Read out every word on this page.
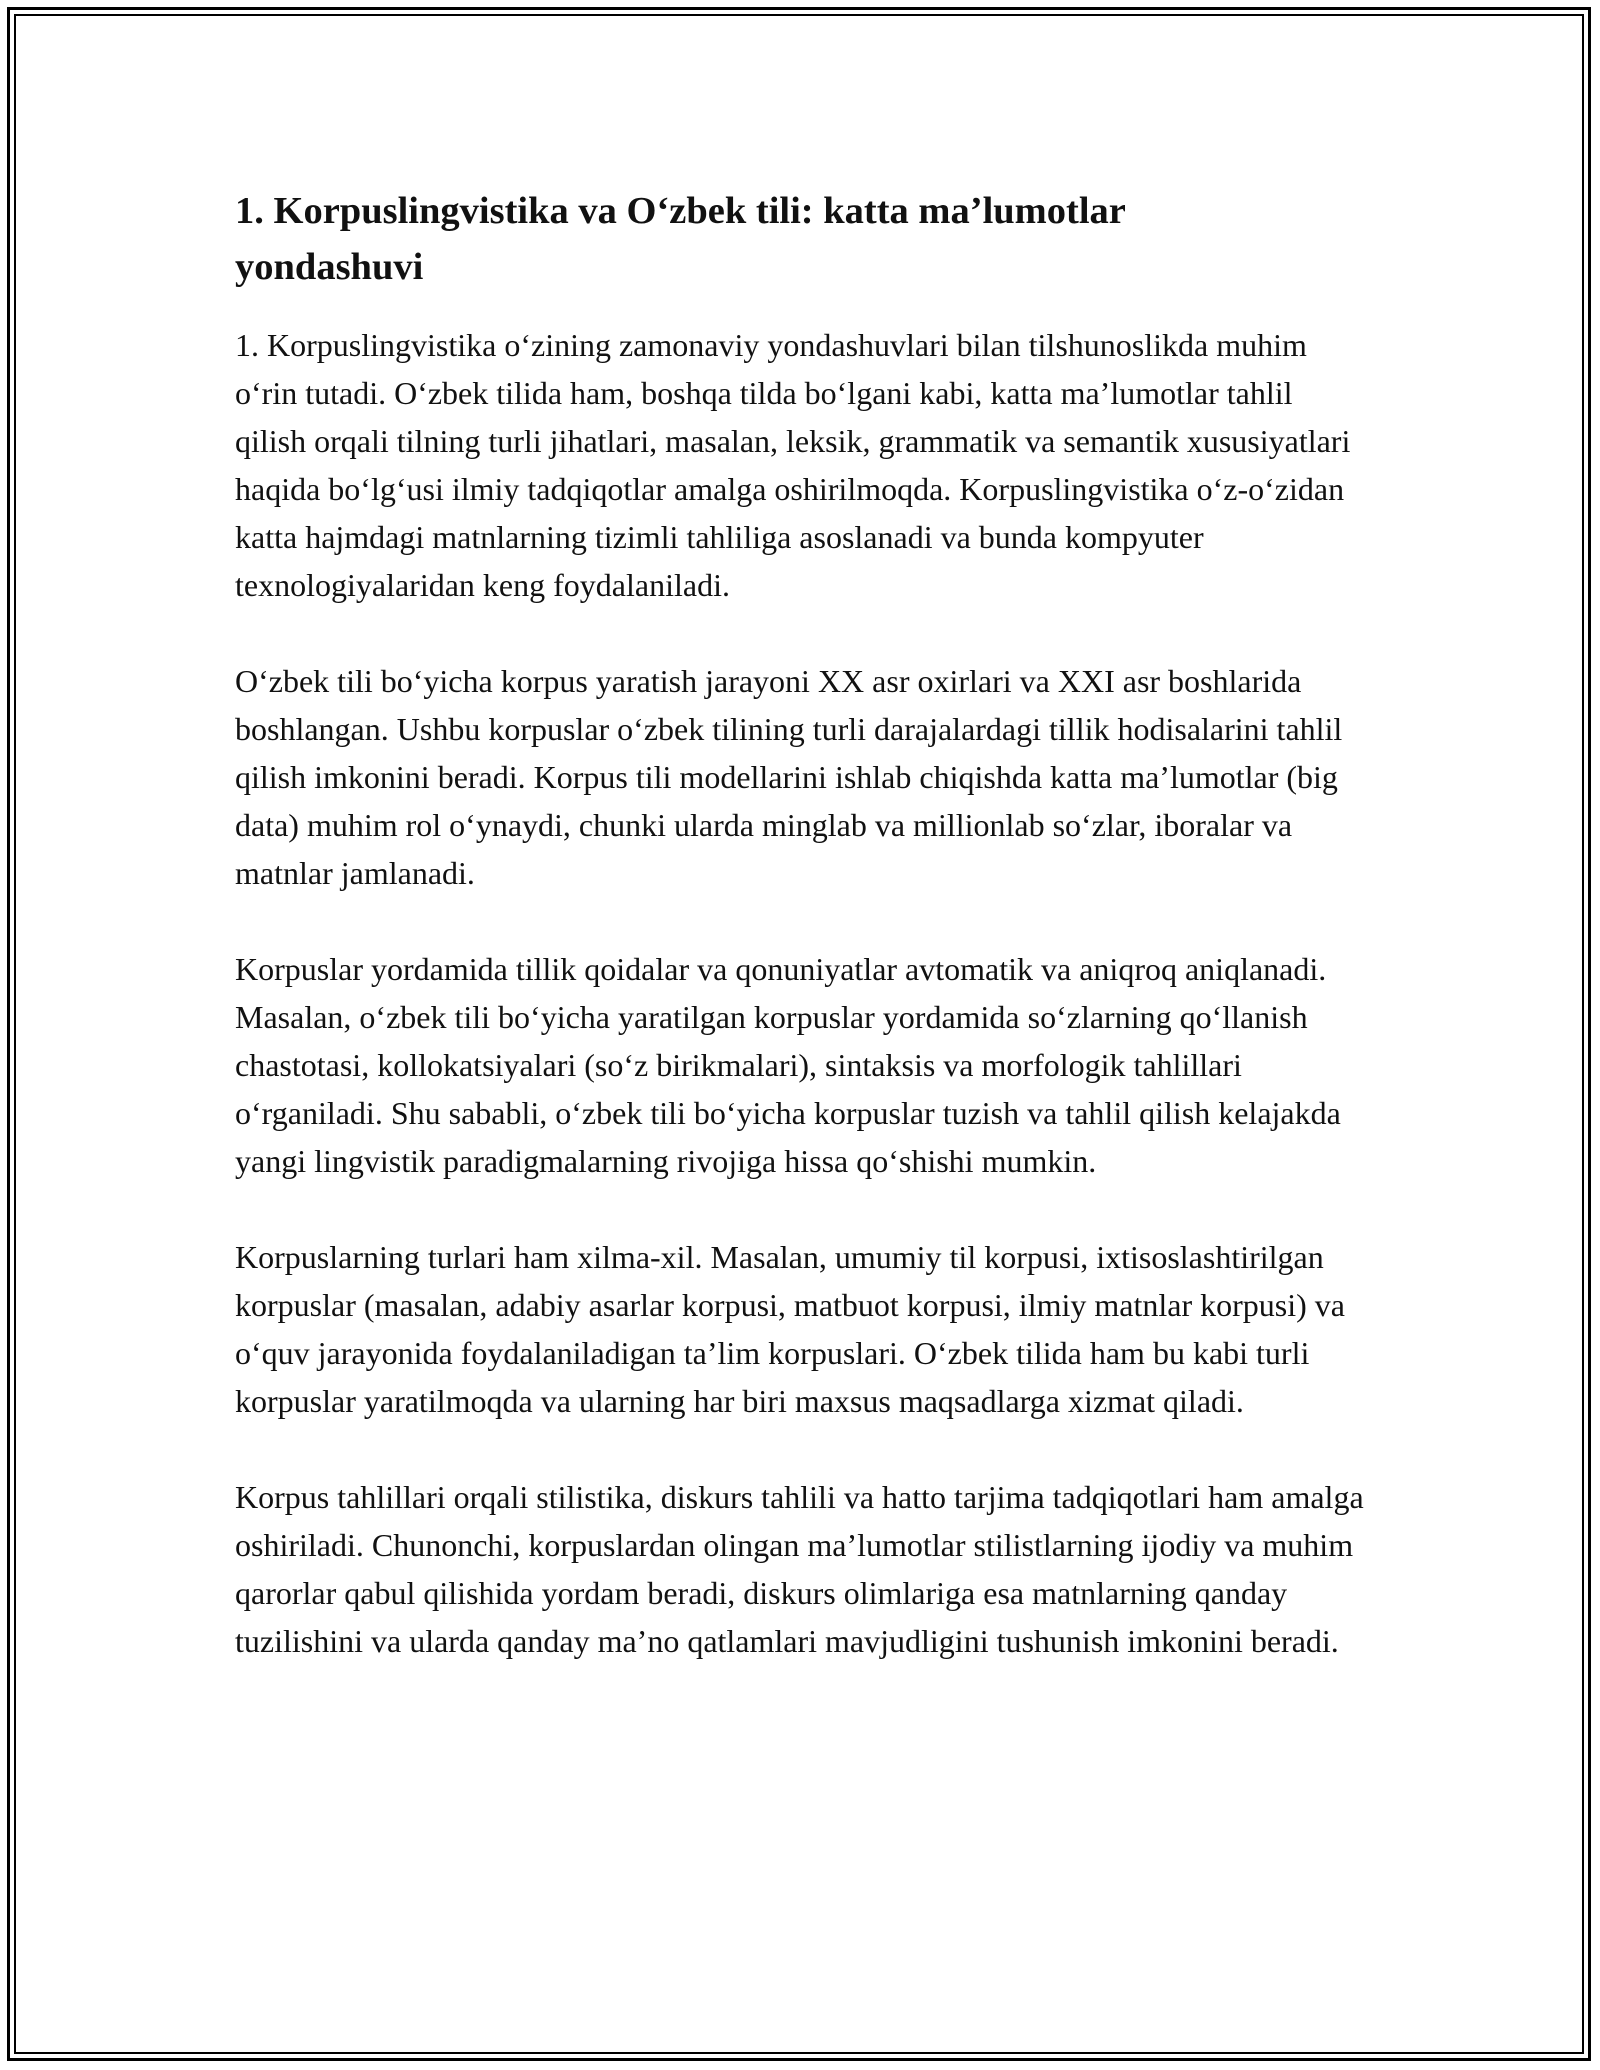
1. Korpuslingvistika va O‘zbek tili: katta ma’lumotlar yondashuvi

1. Korpuslingvistika o‘zining zamonaviy yondashuvlari bilan tilshunoslikda muhim o‘rin tutadi. O‘zbek tilida ham, boshqa tilda bo‘lgani kabi, katta ma’lumotlar tahlil qilish orqali tilning turli jihatlari, masalan, leksik, grammatik va semantik xususiyatlari haqida bo‘lg‘usi ilmiy tadqiqotlar amalga oshirilmoqda. Korpuslingvistika o‘z-o‘zidan katta hajmdagi matnlarning tizimli tahliliga asoslanadi va bunda kompyuter texnologiyalaridan keng foydalaniladi.

O‘zbek tili bo‘yicha korpus yaratish jarayoni XX asr oxirlari va XXI asr boshlarida boshlangan. Ushbu korpuslar o‘zbek tilining turli darajalardagi tillik hodisalarini tahlil qilish imkonini beradi. Korpus tili modellarini ishlab chiqishda katta ma’lumotlar (big data) muhim rol o‘ynaydi, chunki ularda minglab va millionlab so‘zlar, iboralar va matnlar jamlanadi.

Korpuslar yordamida tillik qoidalar va qonuniyatlar avtomatik va aniqroq aniqlanadi. Masalan, o‘zbek tili bo‘yicha yaratilgan korpuslar yordamida so‘zlarning qo‘llanish chastotasi, kollokatsiyalari (so‘z birikmalari), sintaksis va morfologik tahlillari o‘rganiladi. Shu sababli, o‘zbek tili bo‘yicha korpuslar tuzish va tahlil qilish kelajakda yangi lingvistik paradigmalarning rivojiga hissa qo‘shishi mumkin.

Korpuslarning turlari ham xilma-xil. Masalan, umumiy til korpusi, ixtisoslashtirilgan korpuslar (masalan, adabiy asarlar korpusi, matbuot korpusi, ilmiy matnlar korpusi) va o‘quv jarayonida foydalaniladigan ta’lim korpuslari. O‘zbek tilida ham bu kabi turli korpuslar yaratilmoqda va ularning har biri maxsus maqsadlarga xizmat qiladi.

Korpus tahlillari orqali stilistika, diskurs tahlili va hatto tarjima tadqiqotlari ham amalga oshiriladi. Chunonchi, korpuslardan olingan ma’lumotlar stilistlarning ijodiy va muhim qarorlar qabul qilishida yordam beradi, diskurs olimlariga esa matnlarning qanday tuzilishini va ularda qanday ma’no qatlamlari mavjudligini tushunish imkonini beradi.
